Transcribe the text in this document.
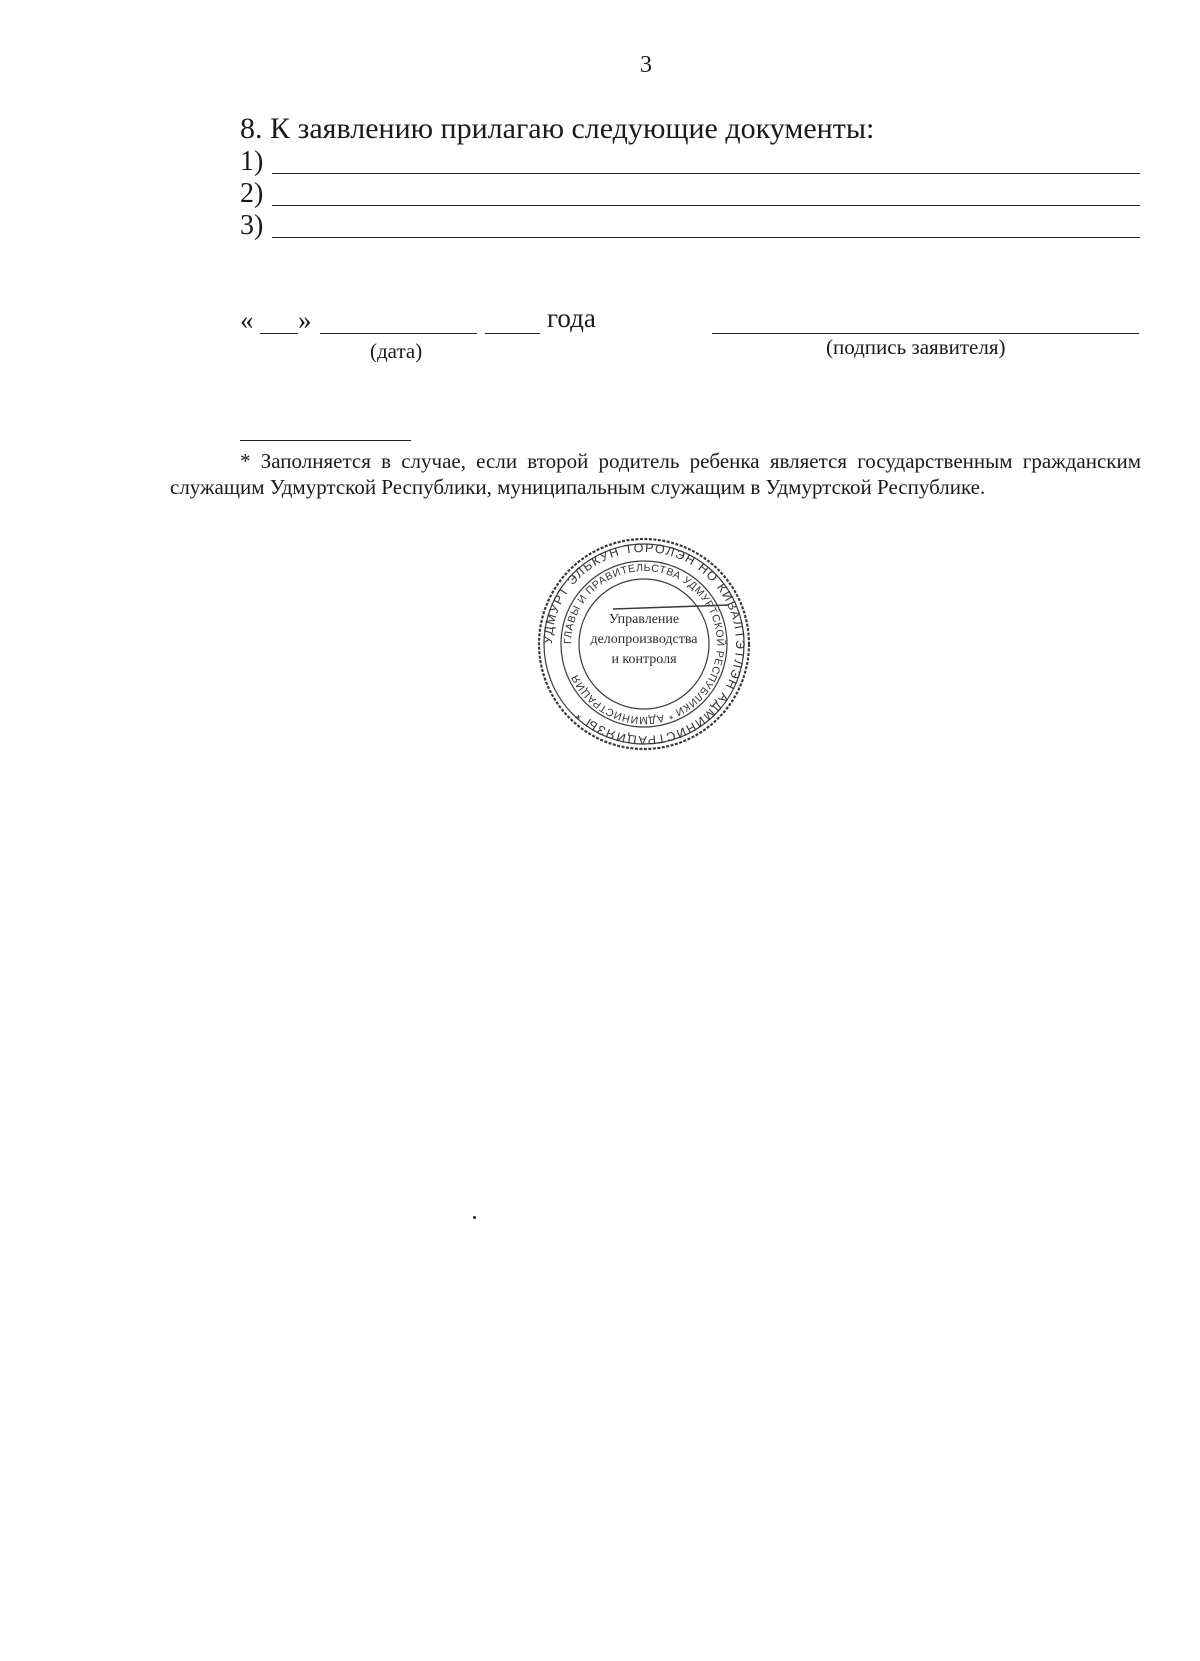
3
8. К заявлению прилагаю следующие документы:
1)
2)
3)
« »	года
(дата)	(подпись заявителя)

* Заполняется в случае, если второй родитель ребенка является государственным гражданским служащим Удмуртской Республики, муниципальным служащим в Удмуртской Республике.

УДМУРТ ЭЛЬКУН ТОРОЛЭН НО КИВАЛТЭТЛЭН АДМИНИСТРАЦИЯЗЫ *
ГЛАВЫ И ПРАВИТЕЛЬСТВА УДМУРТСКОЙ РЕСПУБЛИКИ * АДМИНИСТРАЦИЯ
Управление
делопроизводства
и контроля
